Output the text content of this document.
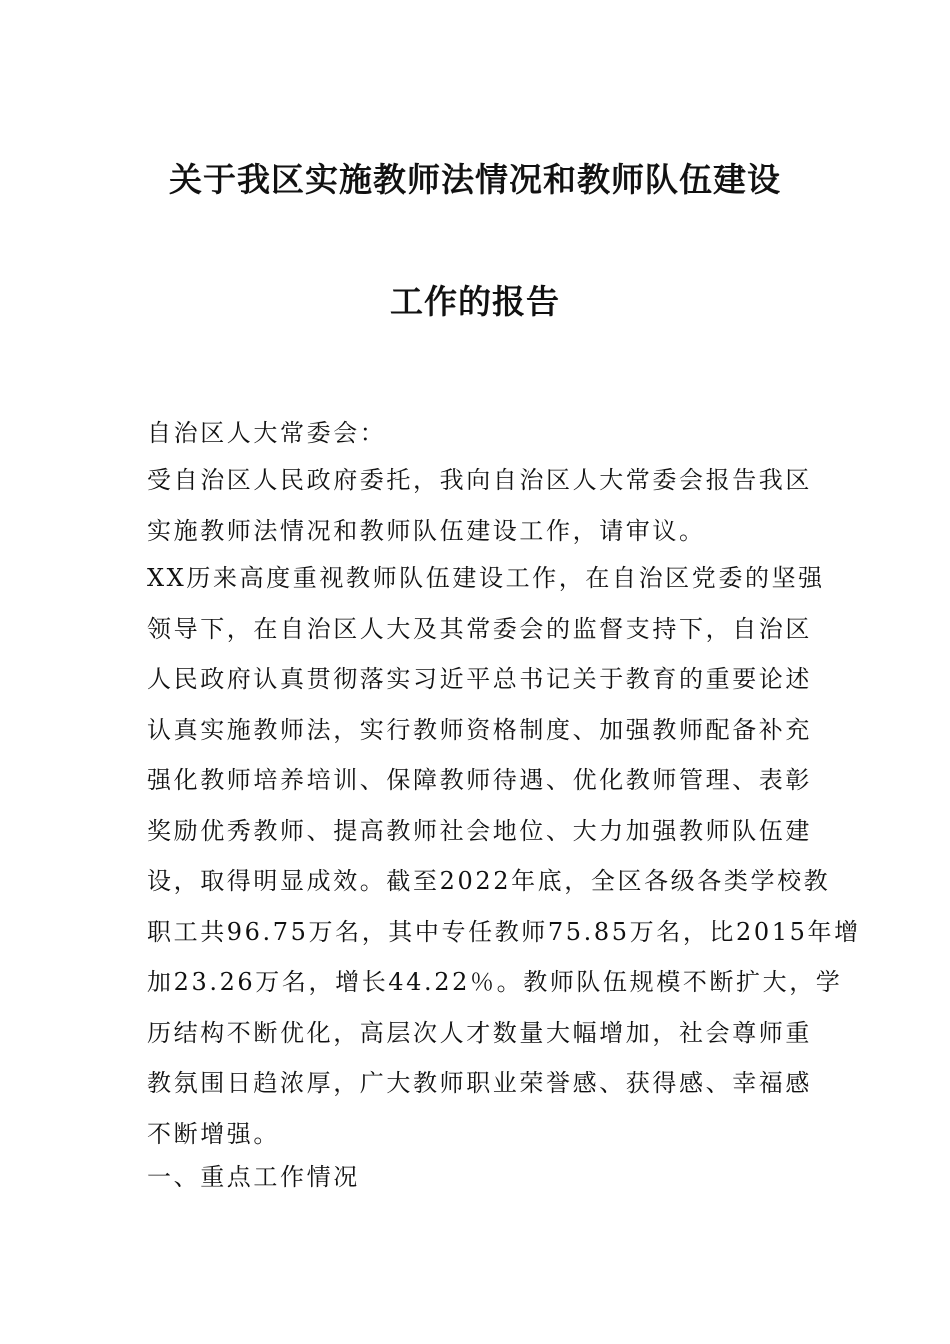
关于我区实施教师法情况和教师队伍建设
工作的报告
自治区人大常委会：
受自治区人民政府委托，我向自治区人大常委会报告我区
实施教师法情况和教师队伍建设工作，请审议。
XX历来高度重视教师队伍建设工作，在自治区党委的坚强
领导下，在自治区人大及其常委会的监督支持下，自治区
人民政府认真贯彻落实习近平总书记关于教育的重要论述
认真实施教师法，实行教师资格制度、加强教师配备补充
强化教师培养培训、保障教师待遇、优化教师管理、表彰
奖励优秀教师、提高教师社会地位、大力加强教师队伍建
设，取得明显成效。截至2022年底，全区各级各类学校教
职工共96.75万名，其中专任教师75.85万名，比2015年增
加23.26万名，增长44.22％。教师队伍规模不断扩大，学
历结构不断优化，高层次人才数量大幅增加，社会尊师重
教氛围日趋浓厚，广大教师职业荣誉感、获得感、幸福感
不断增强。
一、重点工作情况
